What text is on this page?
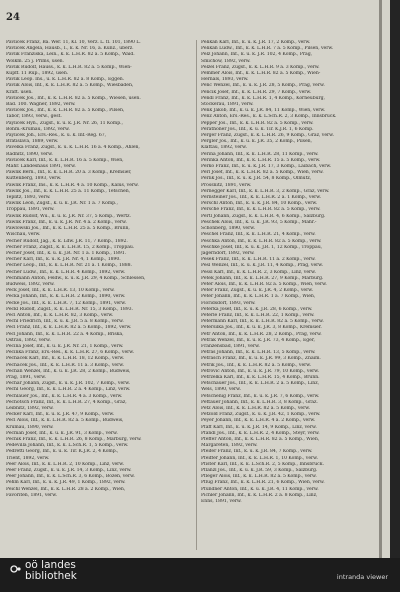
24
Pavlicek Franz, Ba. Wer. 11, Kl. 10, Verz. L. fl. 101, 1890 L.
Pavlicek Angela, Hausb., I., k. k. Nr. 16, a. Kunz., uberz.
Pavlik Franziska, Lein., k. k. L.H.R. 82 a. 5 Komp., Waid.
Wolkm. 25 j. Prims, usen.
Pavlik Rudolf, Hauss., k. k. L.H.R. 82 a. 5 Komp., Wien-
Kupff. 11 Rup., 1892, usen.
Pavlik Leop. Ins., u. k. L.H.R. 82 a. 8 Komp., Eggen.
Pavlik Alois, Inf., k. k. L.H.R. 82 a. 5 Komp., Wiesbaden,
Kraft. usen.
Pavlicek Jos., Inf., k. k. L.H.R. 82 a. 5 Komp., Wiesen, usen.
Bad. 100. Wagner, 1892, verw.
Pavlicek Jos., Inf., k. k. L.H.R. 82 a. 5 Komp., Pilsen,
Tabor, 1893, verw., gest.
Paylicek Hyn., Zugsf., k. u. k. J.R. Nr. 26, 11 Komp.,
Bohm.-Krumau, 1892, verw.
Paylicek Joh., Ers.-Res., k. u. k. Inf.-Reg. 67,
Bratislava, 1889, verw.
Pavelka Franz, Zugsf., k. u. k. L.H.R. 16 a. 4 Komp., Ahlen,
Radnitz, 1890, verw.
Pavlicek Karl, Inf., k. k. L.H.R. 16 a. 5 Komp., Wien,
Mahr. Landeshaus 1891, verw.
Pawlik Bern., Inf., k. k. L.H.R. 20 a. 3 Komp., Kremsier,
Kuttenberg, 1893, verw.
Pawlik Franz, Ins., k. k. L.H.R. 4 a. 10 Komp., Kalus, verw.
Pawlik Jos., Inf., k. k. L.H.R. 25 a. 11 Komp., Tetschen,
Teplitz, 1893, verw.
Pawlik Leon, Zugsf., k. u. k. J.R. Nr. 1 a. 7 Komp.,
Troppau, 1891, verw.
Pawlik Rudolf, Wu., k. u. k. J.R. Nr. 37, 5 Komp., Wertz.
Pawlik Franz, Inf., k. u. k. J.R. Nr. 4 a. 2 Komp., verw.
Pawlowski Jos., Inf., k. k. L.H.R. 25 a. 5 Komp., Brunn,
Wischau, verw.
Pecher Rudolf, Jag., k. k. Ldw. J.R. 11, 7 Komp., 1892.
Pecher Franz, Zugsf., k. k. L.H.R. 15, 2 Komp., Troppau.
Pecher Josef, Inf., k. u. k. J.R. Nr. 1 a. 1 Komp., 1891.
Pecher Karl, Inf., k. u. k. J.R. Nr. 4, 1 Komp., 1890.
Pecher Leop., Inf., k. k. L.H.R. Nr. 21 a. 1 Komp., 1888.
Pecher Ludw., Inf., k. k. L.H.R. 4 Komp., 1892, verw.
Pechmann Anton, Feldw., k. u. k. J.R. 29, 4 Komp., Schlessen,
Budweis, 1892, verw.
Peck Josef, Inf., k. k. L.H.R. 13, 10 Komp., verw.
Pecka Johann, Inf., k. k. L.H.R. 2 Komp., 1890, verw.
Pecke Jos., Inf., k. k. L.H.R. 7, 12 Komp., 1891, verw.
Peckl Rudolf, Zugsf., k. k. L.H.R. Nr. 15, 3 Komp., 1893.
Pecl Anton, Inf., k. k. L.H.R. 82, 3 Komp., verw.
Pechl Friedrich, Inf., k. u. k. J.R. 5 a. 8 Komp., verw.
Pecl Franz, Inf., k. k. L.H.R. 82 a. 5 Komp., 1892, verw.
Pecl Johann, Inf., k. k. L.H.R. 22 a. 4 Komp., Briska,
Ostrau, 1892, verw.
Pecina Josef, Inf., k. u. k. J.R. Nr. 21, 1 Komp., verw.
Pecinka Franz, Ers.-Res., k. k. L.H.R. 27, 6 Komp., verw.
Pechacek Karl, Inf., k. k. L.H.R. 18, 12 Komp., verw.
Pechacek Jos., Inf., k. k. L.H.R. 11 a. 3 Komp., verw.
Pechan Wenzel, Inf., k. u. k. J.R. 28, 2 Komp., Budweis,
Prag, 1891, verw.
Pechar Johann, Zugsf., k. u. k. J.R. 102, 7 Komp., verw.
Pechl Georg, Inf., k. k. L.H.R. 2 a. 4 Komp., Linz, verw.
Pechlauer Jos., Inf., k. k. L.H.R. 4 a. 3 Komp., verw.
Pechotsch Franz, Inf., k. k. L.H.R. 27, 4 Komp., Graz,
Leibnitz, 1892, verw.
Pecker Karl, Inf., k. u. k. J.R. 47, 9 Komp., verw.
Pecl Alois, Inf., k. k. L.H.R. 82 a. 5 Komp., Budweis,
Krumau, 1890, verw.
Pecman Josef, Inf., k. u. k. J.R. 91, 3 Komp., verw.
Pecnik Franz, Inf., k. k. L.H.R. 26, 8 Komp., Marburg, verw.
Pedevilla Johann, Inf., k. k. L.Sch.R. 1, 5 Komp., verw.
Pedretti Georg, Inf., k. u. k. Tir. K.J.R. 2, 4 Komp.,
Trient, 1892, verw.
Peer Alois, Inf., k. k. L.H.R. 2, 10 Komp., Linz, verw.
Peer Franz, Zugsf., k. u. k. J.R. 14, 3 Komp., Linz, verw.
Peer Johann, Inf., k. k. L.Sch.R. 3, 6 Komp., Bozen, verw.
Pehm Karl, Inf., k. u. k. J.R. 49, 1 Komp., 1892, verw.
Peichl Wenzel, Inf., k. k. L.H.R. 28 a. 2 Komp., Wien,
Favoriten, 1891, verw.
Pelikan Karl, Inf., k. u. k. J.R. 17, 2 Komp., verw.
Pelikan Ludw., Inf., k. k. L.H.R. 7 a. 5 Komp., Pilsen, verw.
Pelz Johann, Inf., k. u. k. J.R. 102, 4 Komp., Prag,
Smichow, 1892, verw.
Pelzel Franz, Zugsf., k. k. L.H.R. 9 a. 3 Komp., verw.
Pemmer Alois, Inf., k. k. L.H.R. 82 a. 5 Komp., Wien-
Hernals, 1893, verw.
Penc Wenzel, Inf., k. u. k. J.R. 28, 5 Komp., Prag, verw.
Pencik Josef, Inf., k. k. L.H.R. 29, 7 Komp., verw.
Pendl Franz, Inf., k. k. L.H.R. 1, 4 Komp., Korneuburg,
Stockerau, 1891, verw.
Penk Jakob, Inf., k. u. k. J.R. 84, 11 Komp., Wien, verw.
Penz Anton, Ers.-Res., k. k. L.Sch.R. 2, 3 Komp., Innsbruck.
Pepper Jos., Inf., k. k. L.H.R. 82 a. 5 Komp., verw.
Perathoner Jos., Inf., k. u. k. Tir. K.J.R. 1, 6 Komp.
Perger Franz, Zugsf., k. k. L.H.R. 26, 9 Komp., Graz, verw.
Pergler Jos., Inf., k. u. k. J.R. 35, 2 Komp., Pilsen,
Klattau, 1892, verw.
Perina Johann, Inf., k. k. L.H.R. 28, 11 Komp., verw.
Perinka Anton, Inf., k. k. L.H.R. 15 a. 5 Komp., verw.
Perko Franz, Inf., k. u. k. J.R. 17, 3 Komp., Laibach, verw.
Perl Josef, Inf., k. k. L.H.R. 82 a. 5 Komp., Wien, verw.
Perlik Jos., Inf., k. u. k. J.R. 54, 8 Komp., Olmutz,
Prossnitz, 1891, verw.
Pernegger Karl, Inf., k. k. L.H.R. 3, 2 Komp., Graz, verw.
Pernsteiner Jos., Inf., k. k. L.H.R. 2 a. 1 Komp., verw.
Perschl Anton, Inf., k. u. k. J.R. 84, 10 Komp., verw.
Persche Franz, Inf., k. k. L.H.R. 82 a. 5 Komp., verw.
Pertl Johann, Zugsf., k. k. L.H.R. 4, 6 Komp., Salzburg.
Peschek Alois, Inf., k. u. k. J.R. 93, 5 Komp., Mahr.-
Schonberg, 1890, verw.
Peschel Franz, Inf., k. k. L.H.R. 21, 4 Komp., verw.
Peschka Anton, Inf., k. k. L.H.R. 82 a. 5 Komp., verw.
Peschke Josef, Inf., k. u. k. J.R. 1, 12 Komp., Troppau,
Jagerndorf, 1892, verw.
Pesek Franz, Inf., k. k. L.H.R. 11 a. 2 Komp., verw.
Pesl Wenzel, Inf., k. u. k. J.R. 11, 4 Komp., Prag, verw.
Pessl Karl, Inf., k. k. L.H.R. 2, 3 Komp., Linz, verw.
Petek Johann, Inf., k. k. L.H.R. 27, 9 Komp., Marburg.
Peter Alois, Inf., k. k. L.H.R. 82 a. 5 Komp., Wien, verw.
Peter Franz, Zugsf., k. u. k. J.R. 4, 2 Komp., verw.
Peter Johann, Inf., k. k. L.H.R. 1 a. 7 Komp., Wien,
Floridsdorf, 1893, verw.
Peterka Josef, Inf., k. u. k. J.R. 28, 6 Komp., verw.
Peterle Franz, Inf., k. k. L.H.R. 22, 1 Komp., verw.
Petermann Karl, Inf., k. k. L.H.R. 82 a. 5 Komp., verw.
Petersilka Jos., Inf., k. u. k. J.R. 3, 8 Komp., Kremsier.
Petr Anton, Inf., k. k. L.H.R. 28, 2 Komp., Prag, verw.
Petrak Wenzel, Inf., k. u. k. J.R. 73, 4 Komp., Eger,
Franzensbad, 1891, verw.
Petras Johann, Inf., k. k. L.H.R. 13, 5 Komp., verw.
Petrasch Franz, Inf., k. u. k. J.R. 99, 3 Komp., Znaim.
Petrik Jos., Inf., k. k. L.H.R. 82 a. 5 Komp., verw.
Petrovic Anton, Inf., k. u. k. J.R. 79, 10 Komp., verw.
Petrzelka Karl, Inf., k. k. L.H.R. 15, 4 Komp., Brunn.
Petschauer Jos., Inf., k. k. L.H.R. 2 a. 5 Komp., Linz,
Wels, 1890, verw.
Petschenig Franz, Inf., k. u. k. J.R. 7, 6 Komp., verw.
Pettauer Johann, Inf., k. k. L.H.R. 3, 8 Komp., Graz.
Petz Alois, Inf., k. k. L.H.R. 82 a. 5 Komp., verw.
Petzold Franz, Zugsf., k. u. k. J.R. 42, 1 Komp., verw.
Peyer Johann, Inf., k. k. L.H.R. 4 a. 2 Komp., verw.
Pfaff Karl, Inf., k. u. k. J.R. 14, 9 Komp., Linz, verw.
Pfandl Jos., Inf., k. k. L.H.R. 2, 4 Komp., Steyr, verw.
Pfeffer Anton, Inf., k. k. L.H.R. 82 a. 5 Komp., Wien,
Margareten, 1892, verw.
Pfeifer Franz, Inf., k. u. k. J.R. 84, 7 Komp., verw.
Pfeiffer Johann, Inf., k. k. L.H.R. 1, 10 Komp., verw.
Pfister Karl, Inf., k. k. L.Sch.R. 2, 5 Komp., Innsbruck.
Pflanzl Jos., Inf., k. u. k. J.R. 59, 3 Komp., Salzburg.
Pfleger Alois, Inf., k. k. L.H.R. 82 a. 5 Komp., verw.
Pflug Franz, Inf., k. k. L.H.R. 21, 6 Komp., Wien, verw.
Pfundner Anton, Inf., k. u. k. J.R. 4, 11 Komp., verw.
Pichler Johann, Inf., k. k. L.H.R. 2 a. 8 Komp., Linz,
Enns, 1891, verw.
oö landes
bibliothek	intranda viewer
